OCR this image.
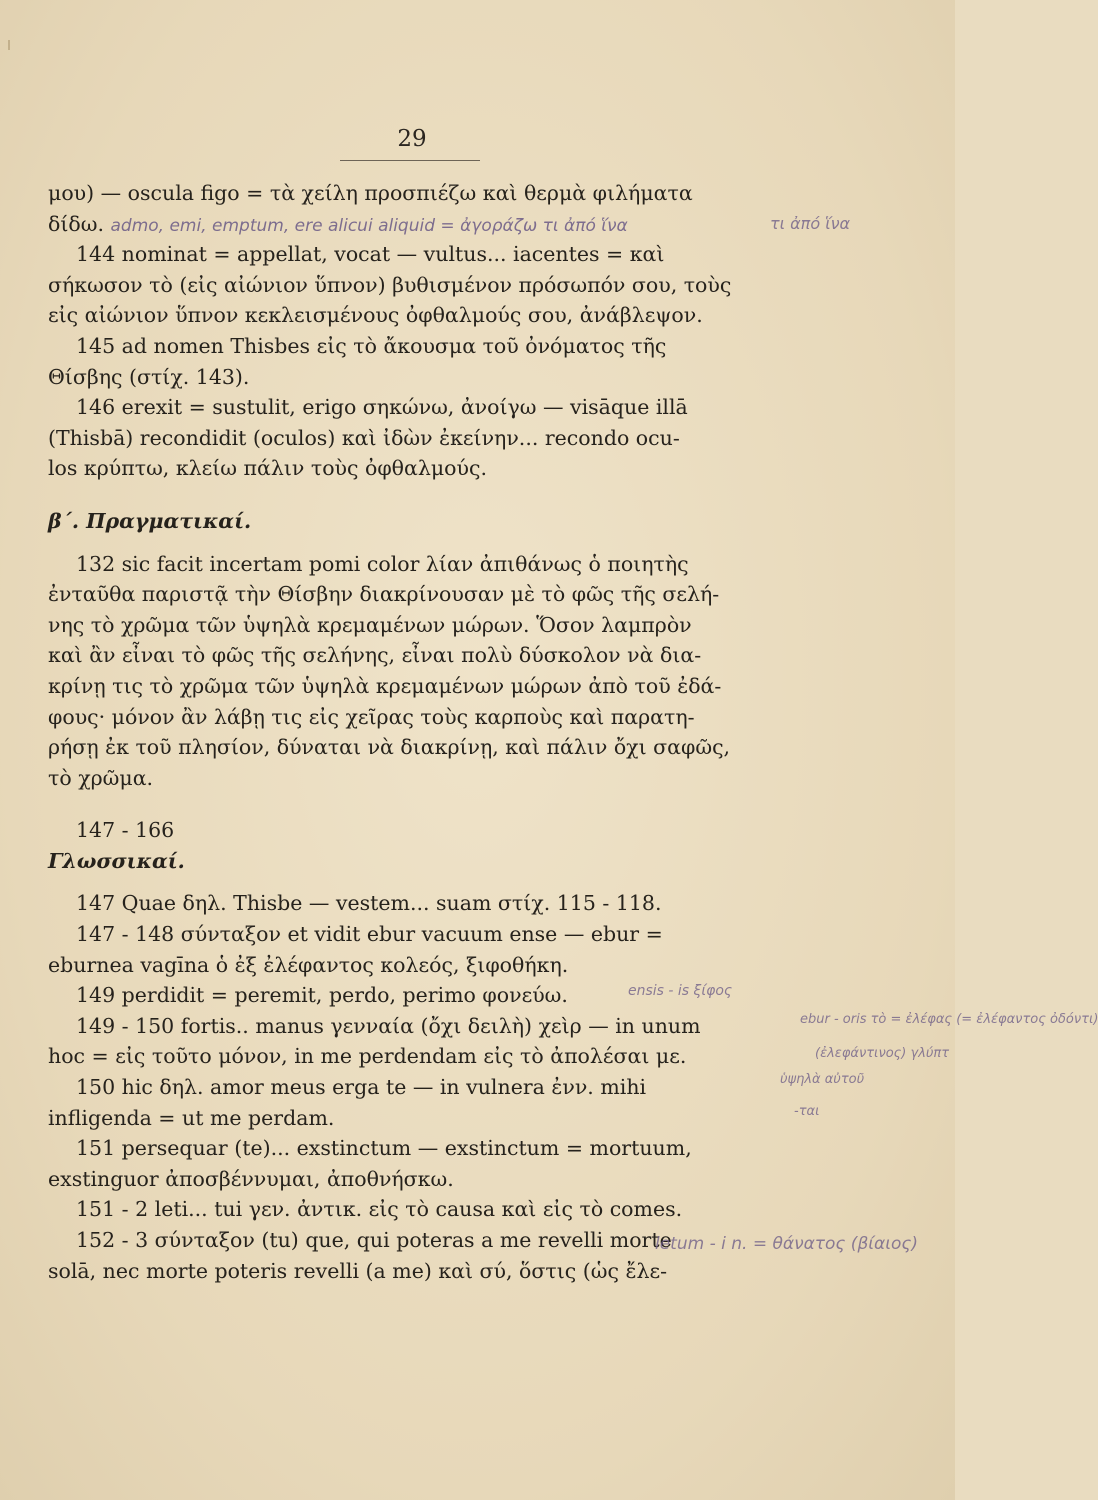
29
μου) — oscula figo = τὰ χείλη προσπιέζω καὶ θερμὰ φιλήματα
δίδω. admo, emi, emptum, ere alicui aliquid = ἀγοράζω τι ἀπό ἵνα
144 nominat = appellat, vocat — vultus... iacentes = καὶ
σήκωσον τὸ (εἰς αἰώνιον ὕπνον) βυθισμένον πρόσωπόν σου, τοὺς
εἰς αἰώνιον ὕπνον κεκλεισμένους ὀφθαλμούς σου, ἀνάβλεψον.
145 ad nomen Thisbes εἰς τὸ ἄκουσμα τοῦ ὀνόματος τῆς
Θίσβης (στίχ. 143).
146 erexit = sustulit, erigo σηκώνω, ἀνοίγω — visāque illā
(Thisbā) recondidit (oculos) καὶ ἰδὼν ἐκείνην... recondo ocu-
los κρύπτω, κλείω πάλιν τοὺς ὀφθαλμούς.
β΄. Πραγματικαί.
132 sic facit incertam pomi color λίαν ἀπιθάνως ὁ ποιητὴς
ἐνταῦθα παριστᾷ τὴν Θίσβην διακρίνουσαν μὲ τὸ φῶς τῆς σελή-
νης τὸ χρῶμα τῶν ὑψηλὰ κρεμαμένων μώρων. Ὅσον λαμπρὸν
καὶ ἂν εἶναι τὸ φῶς τῆς σελήνης, εἶναι πολὺ δύσκολον νὰ δια-
κρίνῃ τις τὸ χρῶμα τῶν ὑψηλὰ κρεμαμένων μώρων ἀπὸ τοῦ ἐδά-
φους· μόνον ἂν λάβῃ τις εἰς χεῖρας τοὺς καρποὺς καὶ παρατη-
ρήσῃ ἐκ τοῦ πλησίον, δύναται νὰ διακρίνῃ, καὶ πάλιν ὄχι σαφῶς,
τὸ χρῶμα.
147 - 166
Γλωσσικαί.
147 Quae δηλ. Thisbe — vestem... suam στίχ. 115 - 118.
147 - 148 σύνταξον et vidit ebur vacuum ense — ebur =
eburnea vagīna ὁ ἐξ ἐλέφαντος κολεός, ξιφοθήκη.
149 perdidit = peremit, perdo, perimo φονεύω.
149 - 150 fortis.. manus γενναία (ὄχι δειλὴ) χεὶρ — in unum
hoc = εἰς τοῦτο μόνον, in me perdendam εἰς τὸ ἀπολέσαι με.
150 hic δηλ. amor meus erga te — in vulnera ἐνν. mihi
infligenda = ut me perdam.
151 persequar (te)... exstinctum — exstinctum = mortuum,
exstinguor ἀποσβέννυμαι, ἀποθνήσκω.
151 - 2 leti... tui γεν. ἀντικ. εἰς τὸ causa καὶ εἰς τὸ comes.
152 - 3 σύνταξον (tu) que, qui poteras a me revelli morte
solā, nec morte poteris revelli (a me) καὶ σύ, ὅστις (ὡς ἔλε-
τι ἀπό ἵνα
ensis - is ξίφος
ebur - oris τὸ = ἐλέφας (= ἐλέφαντος ὀδόντι)
(ἐλεφάντινος) γλύπτ
ὑψηλὰ αὐτοῦ
-ται
letum - i n. = θάνατος (βίαιος)
